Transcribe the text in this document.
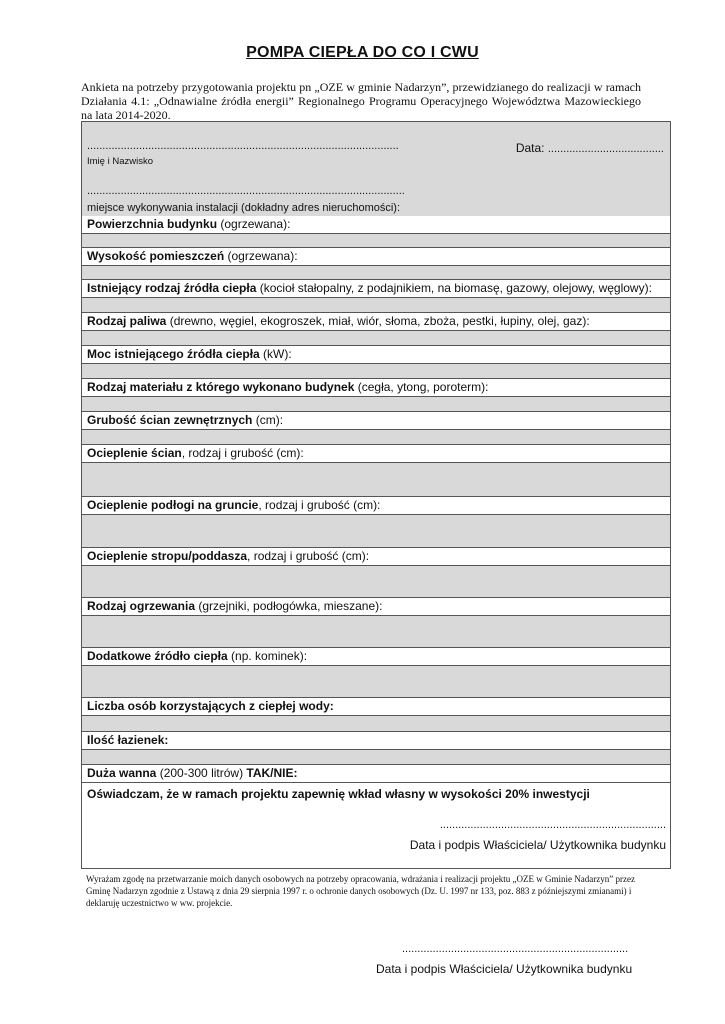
POMPA CIEPŁA DO CO I CWU
Ankieta na potrzeby przygotowania projektu pn „OZE w gminie Nadarzyn”, przewidzianego do realizacji w ramach Działania 4.1: „Odnawialne źródła energii” Regionalnego Programu Operacyjnego Województwa Mazowieckiego na lata 2014-2020.
......................................................................................................
Imię i Nazwisko
Data: ......................................
........................................................................................................
miejsce wykonywania instalacji (dokładny adres nieruchomości):
Powierzchnia budynku (ogrzewana):
Wysokość pomieszczeń (ogrzewana):
Istniejący rodzaj źródła ciepła (kocioł stałopalny, z podajnikiem, na biomasę, gazowy, olejowy, węglowy):
Rodzaj paliwa (drewno, węgiel, ekogroszek, miał, wiór, słoma, zboża, pestki, łupiny, olej, gaz):
Moc istniejącego źródła ciepła (kW):
Rodzaj materiału z którego wykonano budynek (cegła, ytong, poroterm):
Grubość ścian zewnętrznych (cm):
Ocieplenie ścian, rodzaj i grubość (cm):
Ocieplenie podłogi na gruncie, rodzaj i grubość (cm):
Ocieplenie stropu/poddasza, rodzaj i grubość (cm):
Rodzaj ogrzewania (grzejniki, podłogówka, mieszane):
Dodatkowe źródło ciepła (np. kominek):
Liczba osób korzystających z ciepłej wody:
Ilość łazienek:
Duża wanna (200-300 litrów) TAK/NIE:
Oświadczam, że w ramach projektu zapewnię wkład własny w wysokości 20% inwestycji
..........................................................................
Data i podpis Właściciela/ Użytkownika budynku
Wyrażam zgodę na przetwarzanie moich danych osobowych na potrzeby opracowania, wdrażania i realizacji projektu „OZE w Gminie Nadarzyn” przez Gminę Nadarzyn zgodnie z Ustawą z dnia 29 sierpnia 1997 r. o ochronie danych osobowych (Dz. U. 1997 nr 133, poz. 883 z późniejszymi zmianami) i deklaruję uczestnictwo w ww. projekcie.
..........................................................................
Data i podpis Właściciela/ Użytkownika budynku
